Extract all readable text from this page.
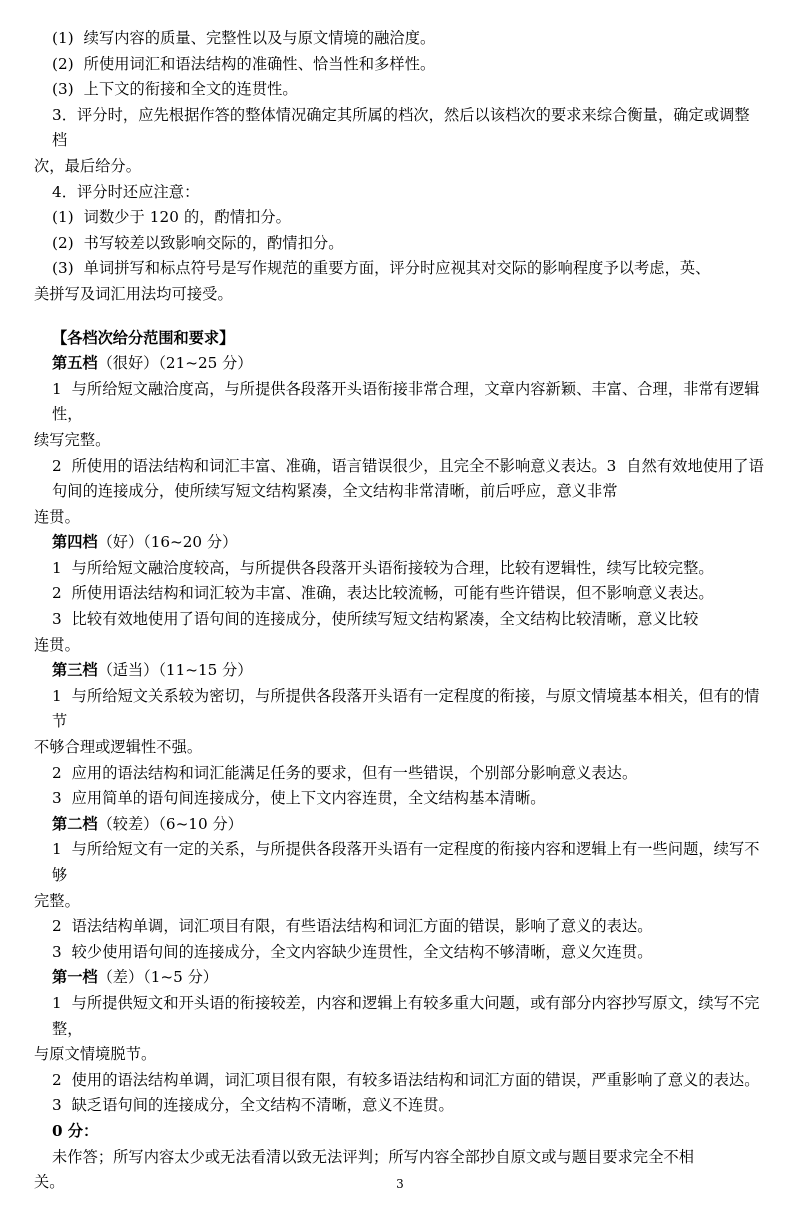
(1)  续写内容的质量、完整性以及与原文情境的融洽度。
(2)  所使用词汇和语法结构的准确性、恰当性和多样性。
(3)  上下文的衔接和全文的连贯性。
3．评分时，应先根据作答的整体情况确定其所属的档次，然后以该档次的要求来综合衡量，确定或调整档
次，最后给分。
4．评分时还应注意：
(1)  词数少于 120 的，酌情扣分。
(2)  书写较差以致影响交际的，酌情扣分。
(3)  单词拼写和标点符号是写作规范的重要方面，评分时应视其对交际的影响程度予以考虑，英、
美拼写及词汇用法均可接受。
【各档次给分范围和要求】
第五档（很好）（21~25 分）
1  与所给短文融洽度高，与所提供各段落开头语衔接非常合理，文章内容新颖、丰富、合理，非常有逻辑性，
续写完整。
2  所使用的语法结构和词汇丰富、准确，语言错误很少，且完全不影响意义表达。3  自然有效地使用了语句间的连接成分，使所续写短文结构紧凑，全文结构非常清晰，前后呼应，意义非常
连贯。
第四档（好）（16~20 分）
1  与所给短文融洽度较高，与所提供各段落开头语衔接较为合理，比较有逻辑性，续写比较完整。
2  所使用语法结构和词汇较为丰富、准确，表达比较流畅，可能有些许错误，但不影响意义表达。
3  比较有效地使用了语句间的连接成分，使所续写短文结构紧凑，全文结构比较清晰，意义比较
连贯。
第三档（适当）（11~15 分）
1  与所给短文关系较为密切，与所提供各段落开头语有一定程度的衔接，与原文情境基本相关，但有的情节
不够合理或逻辑性不强。
2  应用的语法结构和词汇能满足任务的要求，但有一些错误，个别部分影响意义表达。
3  应用简单的语句间连接成分，使上下文内容连贯，全文结构基本清晰。
第二档（较差）（6~10 分）
1  与所给短文有一定的关系，与所提供各段落开头语有一定程度的衔接内容和逻辑上有一些问题，续写不够
完整。
2  语法结构单调，词汇项目有限，有些语法结构和词汇方面的错误，影响了意义的表达。
3  较少使用语句间的连接成分，全文内容缺少连贯性，全文结构不够清晰，意义欠连贯。
第一档（差）（1~5 分）
1  与所提供短文和开头语的衔接较差，内容和逻辑上有较多重大问题，或有部分内容抄写原文，续写不完整，
与原文情境脱节。
2  使用的语法结构单调，词汇项目很有限，有较多语法结构和词汇方面的错误，严重影响了意义的表达。
3  缺乏语句间的连接成分，全文结构不清晰，意义不连贯。
0 分：
未作答；所写内容太少或无法看清以致无法评判；所写内容全部抄自原文或与题目要求完全不相
关。	3
